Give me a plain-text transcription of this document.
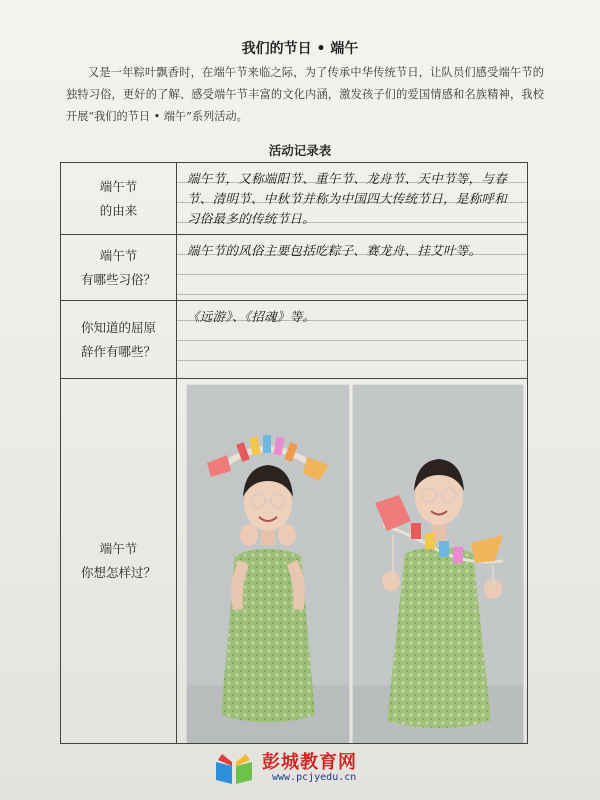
我们的节日 • 端午
又是一年粽叶飘香时，在端午节来临之际，为了传承中华传统节日，让队员们感受端午节的独特习俗，更好的了解、感受端午节丰富的文化内涵，激发孩子们的爱国情感和名族精神，我校开展“我们的节日 • 端午”系列活动。
活动记录表
端午节
的由来
端午节，又称端阳节、重午节、龙舟节、天中节等，与春节、清明节、中秋节并称为中国四大传统节日，是称呼和习俗最多的传统节日。
端午节
有哪些习俗？
端午节的风俗主要包括吃粽子、赛龙舟、挂艾叶等。
你知道的屈原
辞作有哪些？
《远游》、《招魂》等。
端午节
你想怎样过？
彭城教育网
www.pcjyedu.cn
